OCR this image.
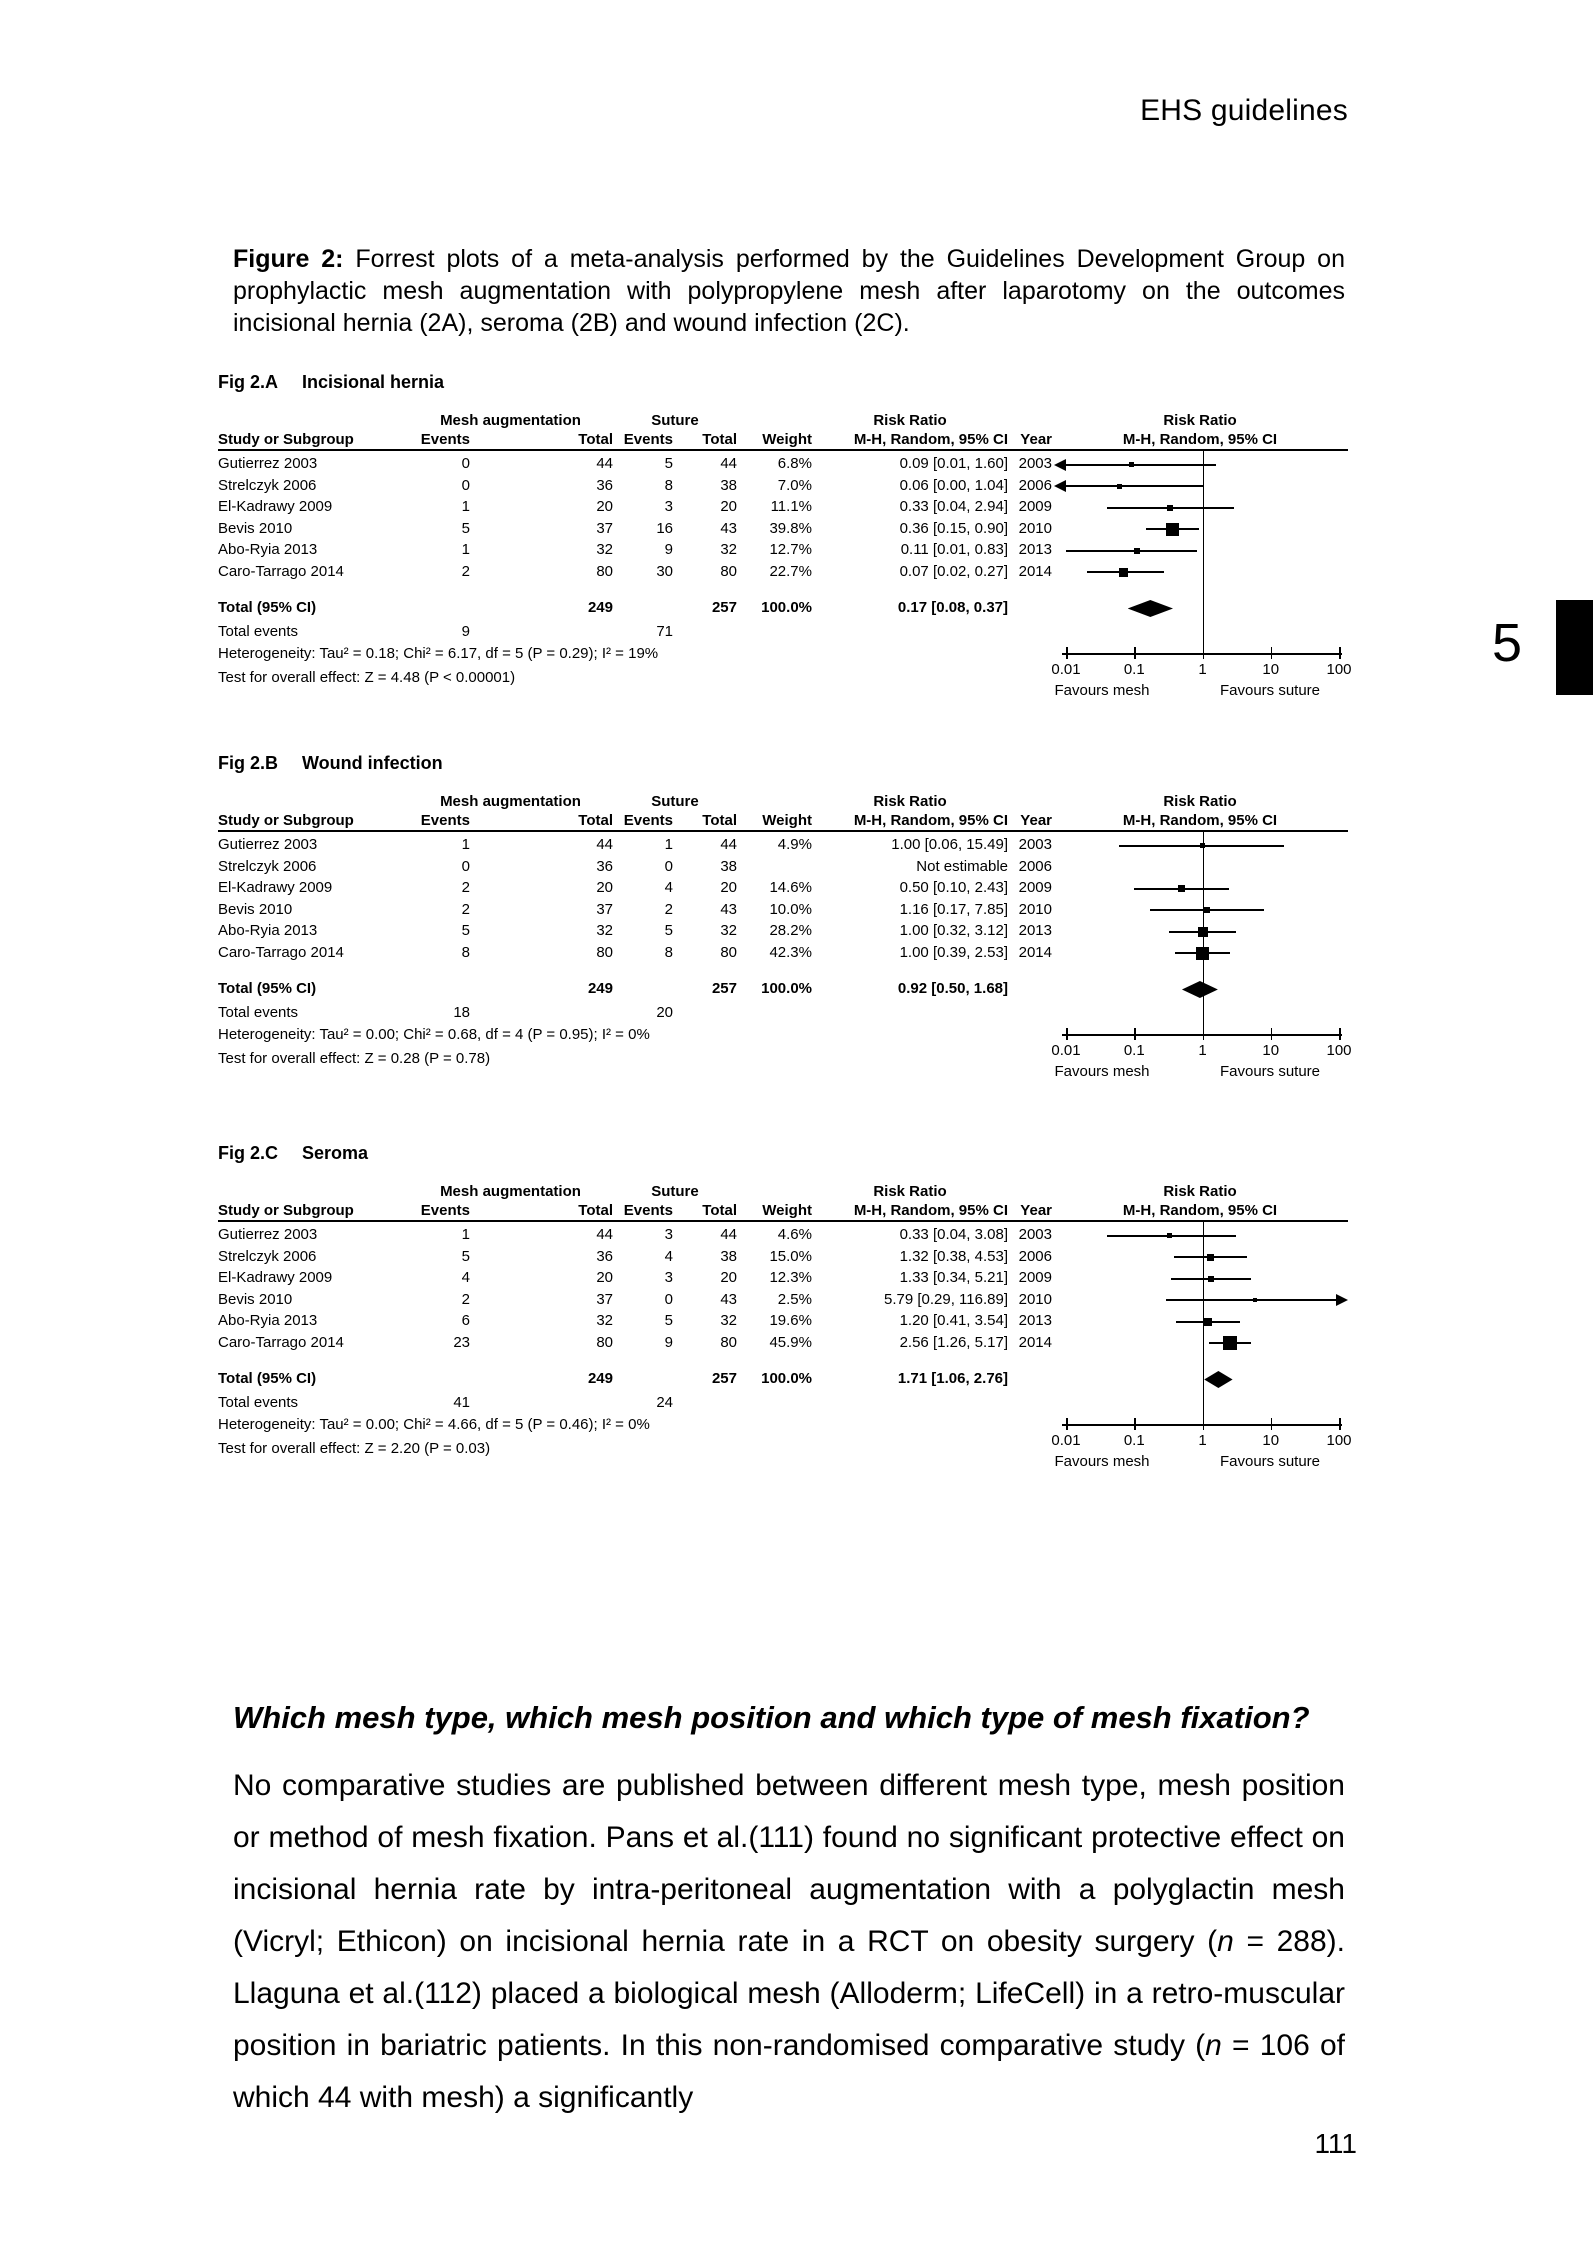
EHS guidelines
Figure 2: Forrest plots of a meta-analysis performed by the Guidelines Development Group on prophylactic mesh augmentation with polypropylene mesh after laparotomy on the outcomes incisional hernia (2A), seroma (2B) and wound infection (2C).
Fig 2.A Incisional hernia
Mesh augmentation	Suture	Risk Ratio	Risk Ratio
Study or Subgroup	Events	Total Events	Total	Weight	M-H, Random, 95% CI Year	M-H, Random, 95% CI
Gutierrez 2003	0	44	5	44	6.8%	0.09 [0.01, 1.60] 2003
Strelczyk 2006	0	36	8	38	7.0%	0.06 [0.00, 1.04] 2006
El-Kadrawy 2009	1	20	3	20	11.1%	0.33 [0.04, 2.94] 2009
Bevis 2010	5	37	16	43	39.8%	0.36 [0.15, 0.90] 2010
Abo-Ryia 2013	1	32	9	32	12.7%	0.11 [0.01, 0.83] 2013
Caro-Tarrago 2014	2	80	30	80	22.7%	0.07 [0.02, 0.27] 2014
Total (95% CI)	249	257	100.0%	0.17 [0.08, 0.37]
Total events	9	71
Heterogeneity: Tau² = 0.18; Chi² = 6.17, df = 5 (P = 0.29); I² = 19%
Test for overall effect: Z = 4.48 (P < 0.00001)	0.01	0.1	1	10	100
Favours mesh	Favours suture
Fig 2.B Wound infection
Mesh augmentation	Suture	Risk Ratio	Risk Ratio
Study or Subgroup	Events	Total Events	Total	Weight	M-H, Random, 95% CI Year	M-H, Random, 95% CI
Gutierrez 2003	1	44	1	44	4.9%	1.00 [0.06, 15.49] 2003
Strelczyk 2006	0	36	0	38	Not estimable 2006
El-Kadrawy 2009	2	20	4	20	14.6%	0.50 [0.10, 2.43] 2009
Bevis 2010	2	37	2	43	10.0%	1.16 [0.17, 7.85] 2010
Abo-Ryia 2013	5	32	5	32	28.2%	1.00 [0.32, 3.12] 2013
Caro-Tarrago 2014	8	80	8	80	42.3%	1.00 [0.39, 2.53] 2014
Total (95% CI)	249	257	100.0%	0.92 [0.50, 1.68]
Total events	18	20
Heterogeneity: Tau² = 0.00; Chi² = 0.68, df = 4 (P = 0.95); I² = 0%
Test for overall effect: Z = 0.28 (P = 0.78)	0.01	0.1	1	10	100
Favours mesh	Favours suture
Fig 2.C Seroma
Mesh augmentation	Suture	Risk Ratio	Risk Ratio
Study or Subgroup	Events	Total Events	Total	Weight	M-H, Random, 95% CI Year	M-H, Random, 95% CI
Gutierrez 2003	1	44	3	44	4.6%	0.33 [0.04, 3.08] 2003
Strelczyk 2006	5	36	4	38	15.0%	1.32 [0.38, 4.53] 2006
El-Kadrawy 2009	4	20	3	20	12.3%	1.33 [0.34, 5.21] 2009
Bevis 2010	2	37	0	43	2.5%	5.79 [0.29, 116.89] 2010
Abo-Ryia 2013	6	32	5	32	19.6%	1.20 [0.41, 3.54] 2013
Caro-Tarrago 2014	23	80	9	80	45.9%	2.56 [1.26, 5.17] 2014
Total (95% CI)	249	257	100.0%	1.71 [1.06, 2.76]
Total events	41	24
Heterogeneity: Tau² = 0.00; Chi² = 4.66, df = 5 (P = 0.46); I² = 0%
Test for overall effect: Z = 2.20 (P = 0.03)	0.01	0.1	1	10	100
Favours mesh	Favours suture
Which mesh type, which mesh position and which type of mesh fixation?

No comparative studies are published between different mesh type, mesh position or method of mesh fixation. Pans et al.(111) found no significant protective effect on incisional hernia rate by intra-peritoneal augmentation with a polyglactin mesh (Vicryl; Ethicon) on incisional hernia rate in a RCT on obesity surgery (n = 288). Llaguna et al.(112) placed a biological mesh (Alloderm; LifeCell) in a retro-muscular position in bariatric patients. In this non-randomised comparative study (n = 106 of which 44 with mesh) a significantly

111
5
